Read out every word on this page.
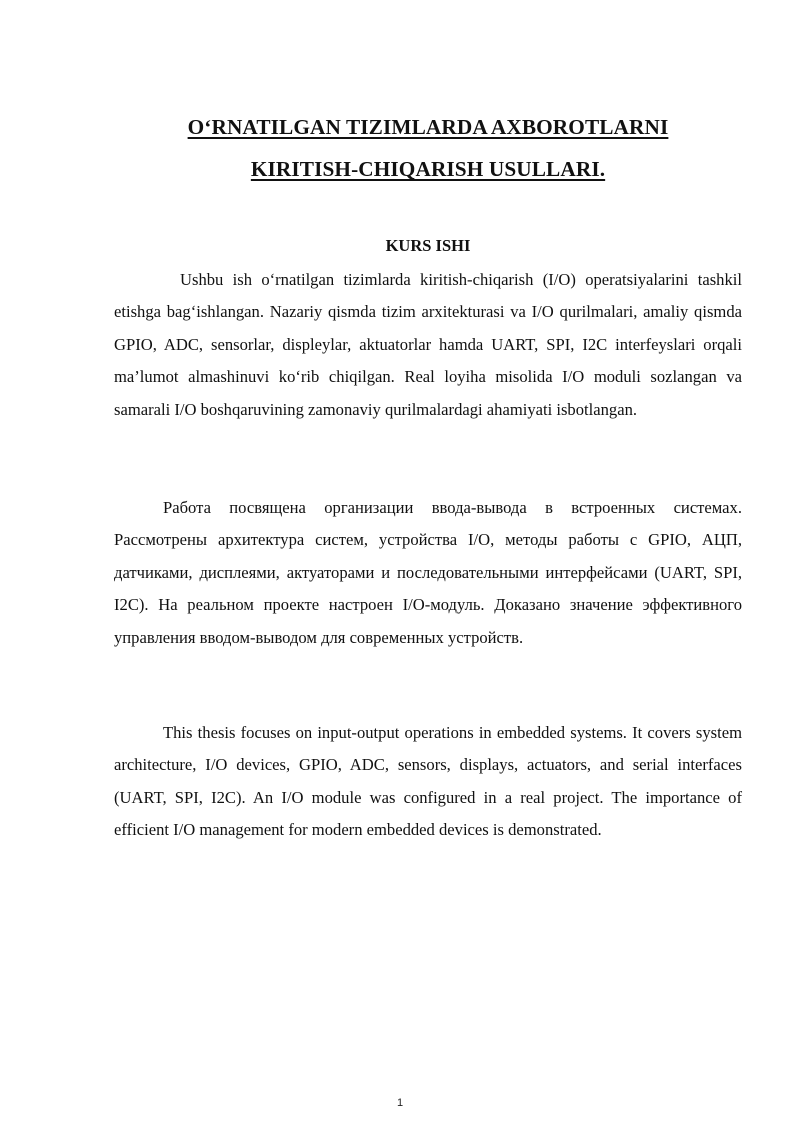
O‘RNATILGAN TIZIMLARDA AXBOROTLARNI
KIRITISH-CHIQARISH USULLARI.
KURS ISHI

Ushbu ish o‘rnatilgan tizimlarda kiritish-chiqarish (I/O) operatsiyalarini tashkil etishga bag‘ishlangan. Nazariy qismda tizim arxitekturasi va I/O qurilmalari, amaliy qismda GPIO, ADC, sensorlar, displeylar, aktuatorlar hamda UART, SPI, I2C interfeyslari orqali ma’lumot almashinuvi ko‘rib chiqilgan. Real loyiha misolida I/O moduli sozlangan va samarali I/O boshqaruvining zamonaviy qurilmalardagi ahamiyati isbotlangan.

Работа посвящена организации ввода-вывода в встроенных системах. Рассмотрены архитектура систем, устройства I/O, методы работы с GPIO, АЦП, датчиками, дисплеями, актуаторами и последовательными интерфейсами (UART, SPI, I2C). На реальном проекте настроен I/O-модуль. Доказано значение эффективного управления вводом-выводом для современных устройств.

This thesis focuses on input-output operations in embedded systems. It covers system architecture, I/O devices, GPIO, ADC, sensors, displays, actuators, and serial interfaces (UART, SPI, I2C). An I/O module was configured in a real project. The importance of efficient I/O management for modern embedded devices is demonstrated.

1
